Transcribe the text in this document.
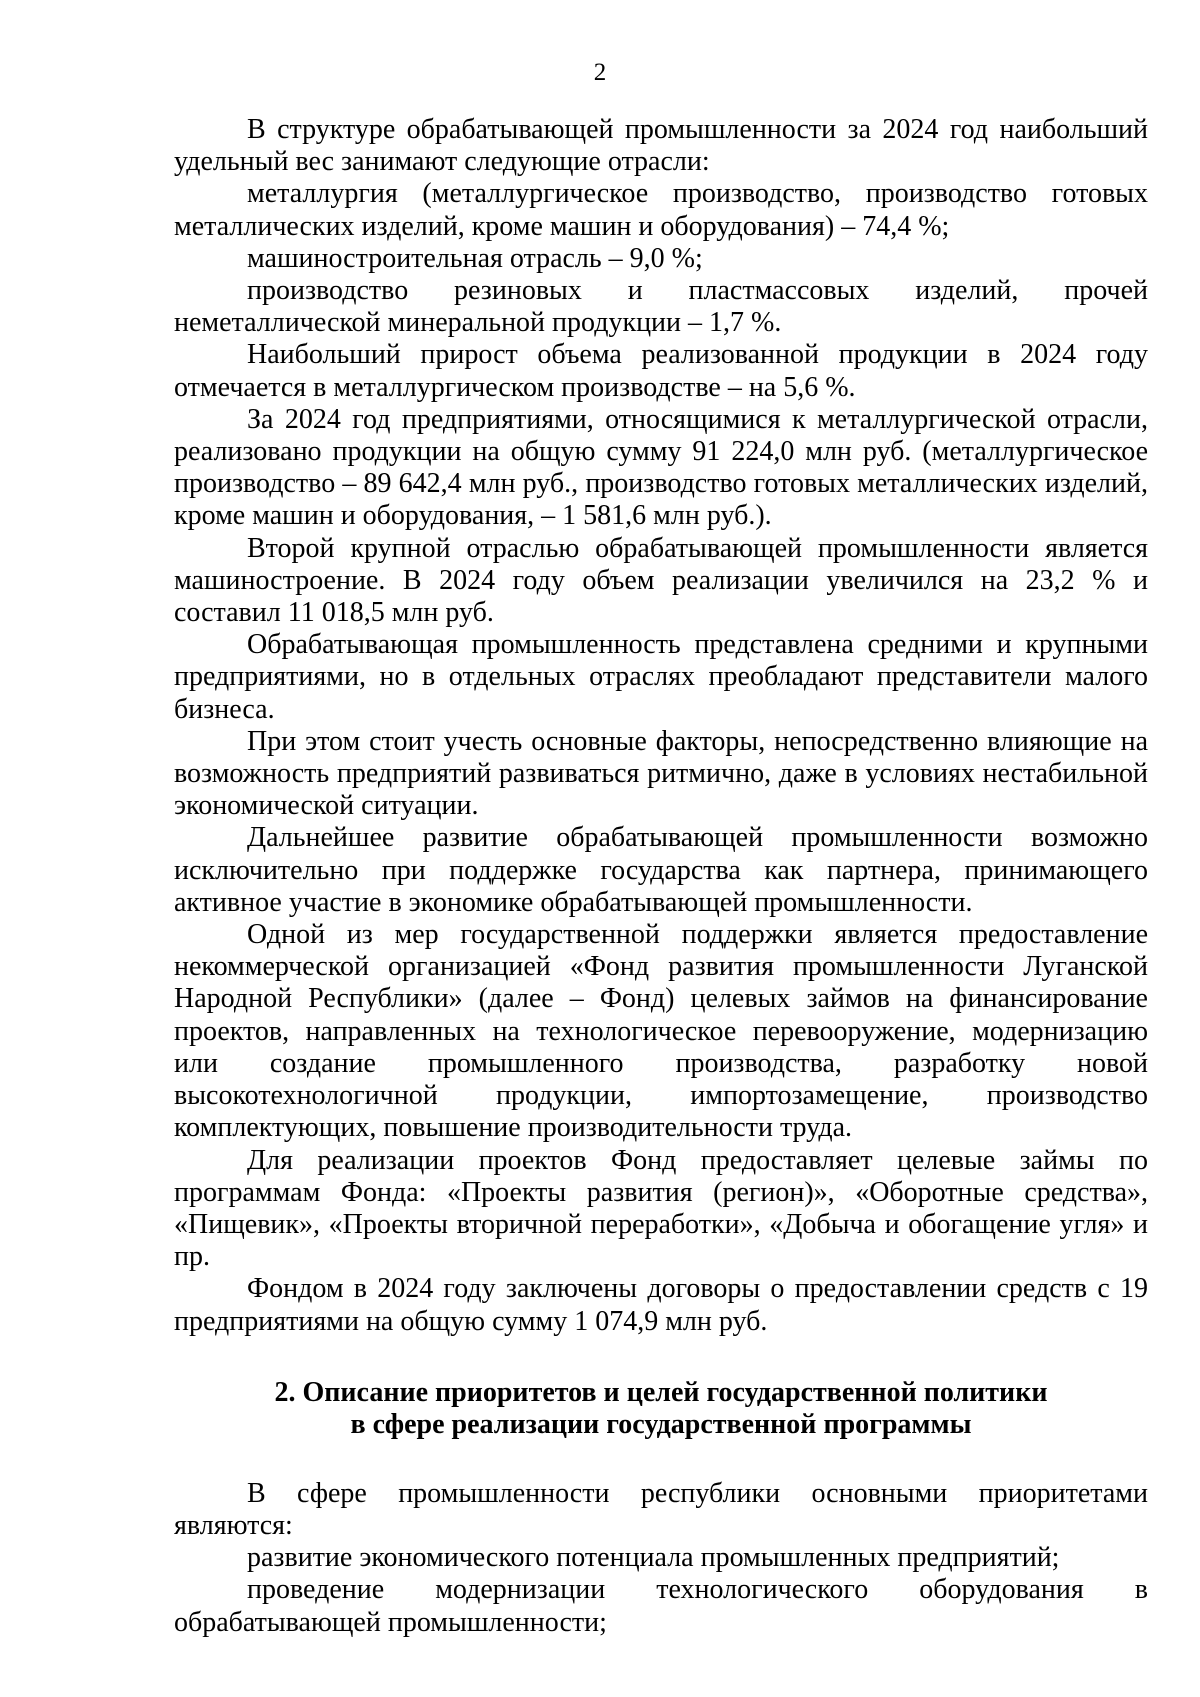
2

В структуре обрабатывающей промышленности за 2024 год наибольший удельный вес занимают следующие отрасли:

металлургия (металлургическое производство, производство готовых металлических изделий, кроме машин и оборудования) – 74,4 %;

машиностроительная отрасль – 9,0 %;

производство резиновых и пластмассовых изделий, прочей неметаллической минеральной продукции – 1,7 %.

Наибольший прирост объема реализованной продукции в 2024 году отмечается в металлургическом производстве – на 5,6 %.

За 2024 год предприятиями, относящимися к металлургической отрасли, реализовано продукции на общую сумму 91 224,0 млн руб. (металлургическое производство – 89 642,4 млн руб., производство готовых металлических изделий, кроме машин и оборудования, – 1 581,6 млн руб.).

Второй крупной отраслью обрабатывающей промышленности является машиностроение. В 2024 году объем реализации увеличился на 23,2 % и составил 11 018,5 млн руб.

Обрабатывающая промышленность представлена средними и крупными предприятиями, но в отдельных отраслях преобладают представители малого бизнеса.

При этом стоит учесть основные факторы, непосредственно влияющие на возможность предприятий развиваться ритмично, даже в условиях нестабильной экономической ситуации.

Дальнейшее развитие обрабатывающей промышленности возможно исключительно при поддержке государства как партнера, принимающего активное участие в экономике обрабатывающей промышленности.

Одной из мер государственной поддержки является предоставление некоммерческой организацией «Фонд развития промышленности Луганской Народной Республики» (далее – Фонд) целевых займов на финансирование проектов, направленных на технологическое перевооружение, модернизацию или создание промышленного производства, разработку новой высокотехнологичной продукции, импортозамещение, производство комплектующих, повышение производительности труда.

Для реализации проектов Фонд предоставляет целевые займы по программам Фонда: «Проекты развития (регион)», «Оборотные средства», «Пищевик», «Проекты вторичной переработки», «Добыча и обогащение угля» и пр.

Фондом в 2024 году заключены договоры о предоставлении средств с 19 предприятиями на общую сумму 1 074,9 млн руб.

2. Описание приоритетов и целей государственной политики
в сфере реализации государственной программы

В сфере промышленности республики основными приоритетами являются:

развитие экономического потенциала промышленных предприятий;

проведение модернизации технологического оборудования в обрабатывающей промышленности;
